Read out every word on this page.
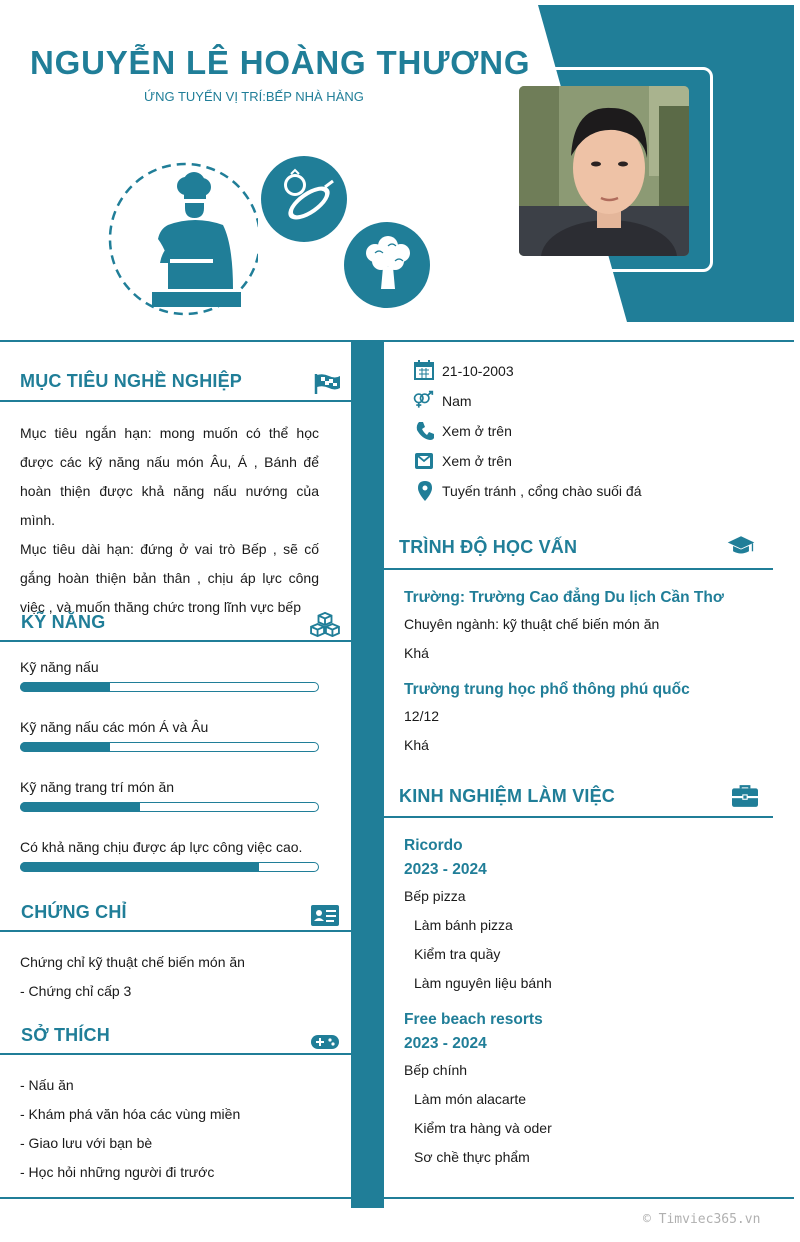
NGUYỄN LÊ HOÀNG THƯƠNG
ỨNG TUYỂN VỊ TRÍ:BẾP NHÀ HÀNG
MỤC TIÊU NGHỀ NGHIỆP

Mục tiêu ngắn hạn: mong muốn có thể học được các kỹ năng nấu món Âu, Á , Bánh để hoàn thiện được khả năng nấu nướng của mình.

Mục tiêu dài hạn: đứng ở vai trò Bếp , sẽ cố gắng hoàn thiện bản thân , chịu áp lực công việc , và muốn thăng chức trong lĩnh vực bếp

KỸ NĂNG
Kỹ năng nấu
Kỹ năng nấu các món Á và Âu
Kỹ năng trang trí món ăn
Có khả năng chịu được áp lực công việc cao.
CHỨNG CHỈ
Chứng chỉ kỹ thuật chế biến món ăn
- Chứng chỉ cấp 3
SỞ THÍCH
- Nấu ăn
- Khám phá văn hóa các vùng miền
- Giao lưu với bạn bè
- Học hỏi những người đi trước
21-10-2003
Nam
Xem ở trên
Xem ở trên
Tuyến tránh , cổng chào suối đá
TRÌNH ĐỘ HỌC VẤN
Trường: Trường Cao đẳng Du lịch Cần Thơ
Chuyên ngành: kỹ thuật chế biến món ăn
Khá
Trường trung học phổ thông phú quốc
12/12
Khá
KINH NGHIỆM LÀM VIỆC
Ricordo
2023 - 2024
Bếp pizza
Làm bánh pizza
Kiểm tra quầy
Làm nguyên liệu bánh
Free beach resorts
2023 - 2024
Bếp chính
Làm món alacarte
Kiểm tra hàng và oder
Sơ chề thực phẩm
© Timviec365.vn
